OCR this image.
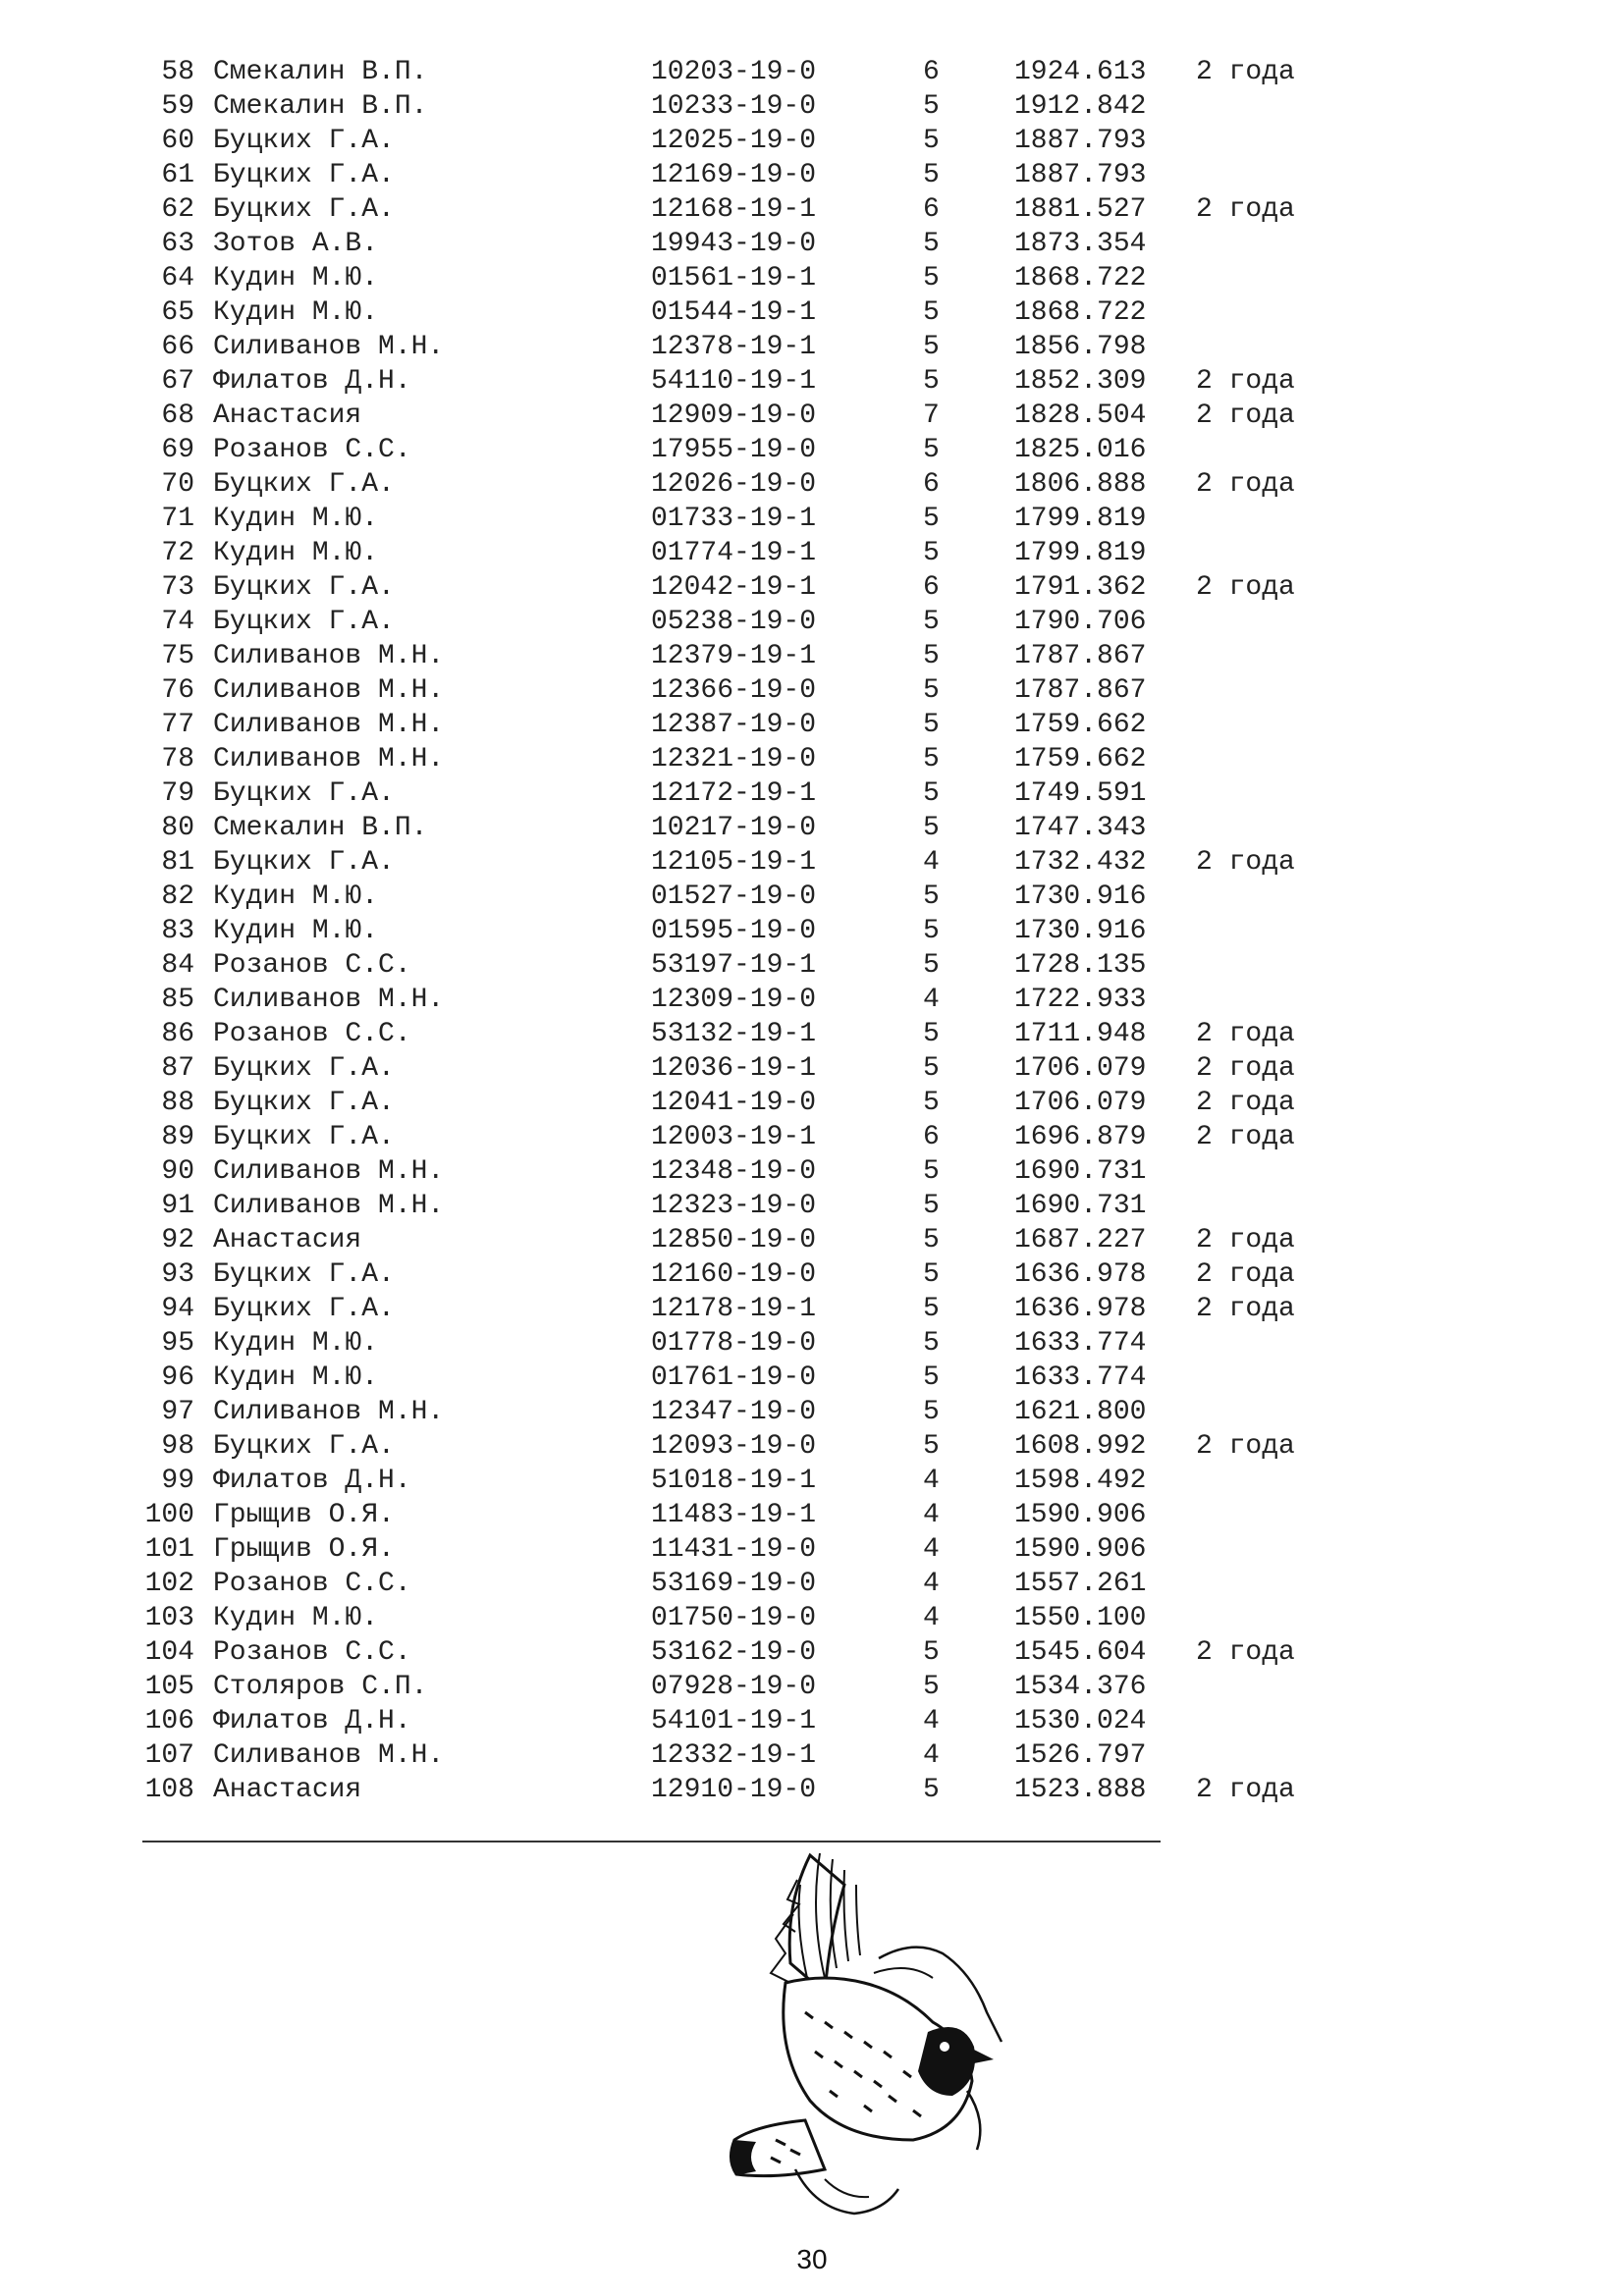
58 Смекалин В.П.	10203-19-0	6	1924.613 2 года
59 Смекалин В.П.	10233-19-0	5	1912.842
60 Буцких Г.А.	12025-19-0	5	1887.793
61 Буцких Г.А.	12169-19-0	5	1887.793
62 Буцких Г.А.	12168-19-1	6	1881.527 2 года
63 Зотов А.В.	19943-19-0	5	1873.354
64 Кудин М.Ю.	01561-19-1	5	1868.722
65 Кудин М.Ю.	01544-19-1	5	1868.722
66 Силиванов М.Н.	12378-19-1	5	1856.798
67 Филатов Д.Н.	54110-19-1	5	1852.309 2 года
68 Анастасия	12909-19-0	7	1828.504 2 года
69 Розанов С.С.	17955-19-0	5	1825.016
70 Буцких Г.А.	12026-19-0	6	1806.888 2 года
71 Кудин М.Ю.	01733-19-1	5	1799.819
72 Кудин М.Ю.	01774-19-1	5	1799.819
73 Буцких Г.А.	12042-19-1	6	1791.362 2 года
74 Буцких Г.А.	05238-19-0	5	1790.706
75 Силиванов М.Н.	12379-19-1	5	1787.867
76 Силиванов М.Н.	12366-19-0	5	1787.867
77 Силиванов М.Н.	12387-19-0	5	1759.662
78 Силиванов М.Н.	12321-19-0	5	1759.662
79 Буцких Г.А.	12172-19-1	5	1749.591
80 Смекалин В.П.	10217-19-0	5	1747.343
81 Буцких Г.А.	12105-19-1	4	1732.432 2 года
82 Кудин М.Ю.	01527-19-0	5	1730.916
83 Кудин М.Ю.	01595-19-0	5	1730.916
84 Розанов С.С.	53197-19-1	5	1728.135
85 Силиванов М.Н.	12309-19-0	4	1722.933
86 Розанов С.С.	53132-19-1	5	1711.948 2 года
87 Буцких Г.А.	12036-19-1	5	1706.079 2 года
88 Буцких Г.А.	12041-19-0	5	1706.079 2 года
89 Буцких Г.А.	12003-19-1	6	1696.879 2 года
90 Силиванов М.Н.	12348-19-0	5	1690.731
91 Силиванов М.Н.	12323-19-0	5	1690.731
92 Анастасия	12850-19-0	5	1687.227 2 года
93 Буцких Г.А.	12160-19-0	5	1636.978 2 года
94 Буцких Г.А.	12178-19-1	5	1636.978 2 года
95 Кудин М.Ю.	01778-19-0	5	1633.774
96 Кудин М.Ю.	01761-19-0	5	1633.774
97 Силиванов М.Н.	12347-19-0	5	1621.800
98 Буцких Г.А.	12093-19-0	5	1608.992 2 года
99 Филатов Д.Н.	51018-19-1	4	1598.492
100 Грыщив О.Я.	11483-19-1	4	1590.906
101 Грыщив О.Я.	11431-19-0	4	1590.906
102 Розанов С.С.	53169-19-0	4	1557.261
103 Кудин М.Ю.	01750-19-0	4	1550.100
104 Розанов С.С.	53162-19-0	5	1545.604 2 года
105 Столяров С.П.	07928-19-0	5	1534.376
106 Филатов Д.Н.	54101-19-1	4	1530.024
107 Силиванов М.Н.	12332-19-1	4	1526.797
108 Анастасия	12910-19-0	5	1523.888 2 года
30
